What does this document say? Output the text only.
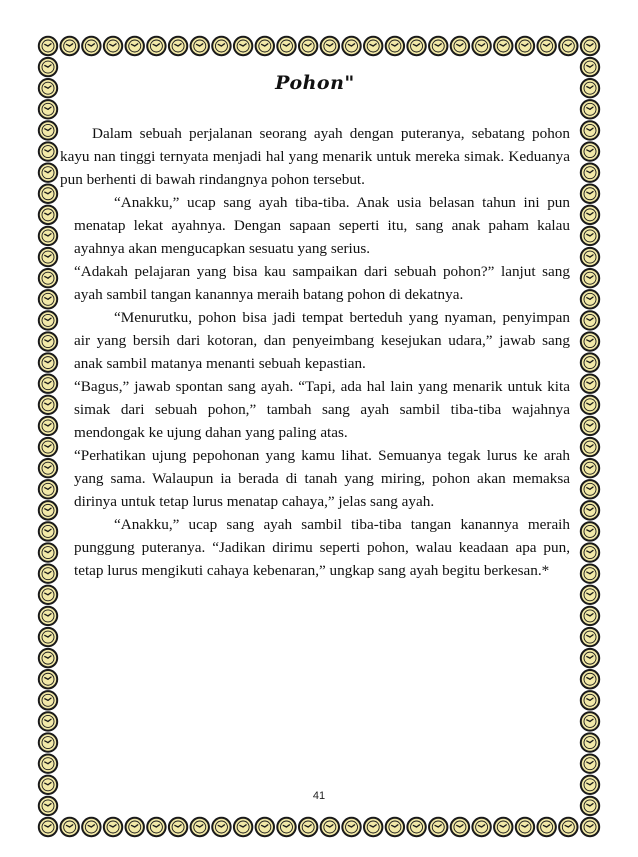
Pohon"

Dalam sebuah perjalanan seorang ayah dengan puteranya, sebatang pohon kayu nan tinggi ternyata menjadi hal yang menarik untuk mereka simak. Keduanya pun berhenti di bawah rindangnya pohon tersebut.

“Anakku,” ucap sang ayah tiba-tiba. Anak usia belasan tahun ini pun menatap lekat ayahnya. Dengan sapaan seperti itu, sang anak paham kalau ayahnya akan mengucapkan sesuatu yang serius.

“Adakah pelajaran yang bisa kau sampaikan dari sebuah pohon?” lanjut sang ayah sambil tangan kanannya meraih batang pohon di dekatnya.

“Menurutku, pohon bisa jadi tempat berteduh yang nyaman, penyimpan air yang bersih dari kotoran, dan penyeimbang kesejukan udara,” jawab sang anak sambil matanya menanti sebuah kepastian.

“Bagus,” jawab spontan sang ayah. “Tapi, ada hal lain yang menarik untuk kita simak dari sebuah pohon,” tambah sang ayah sambil tiba-tiba wajahnya mendongak ke ujung dahan yang paling atas.

“Perhatikan ujung pepohonan yang kamu lihat. Semuanya tegak lurus ke arah yang sama. Walaupun ia berada di tanah yang miring, pohon akan memaksa dirinya untuk tetap lurus menatap cahaya,” jelas sang ayah.

“Anakku,” ucap sang ayah sambil tiba-tiba tangan kanannya meraih punggung puteranya. “Jadikan dirimu seperti pohon, walau keadaan apa pun, tetap lurus mengikuti cahaya kebenaran,” ungkap sang ayah begitu berkesan.*

41
